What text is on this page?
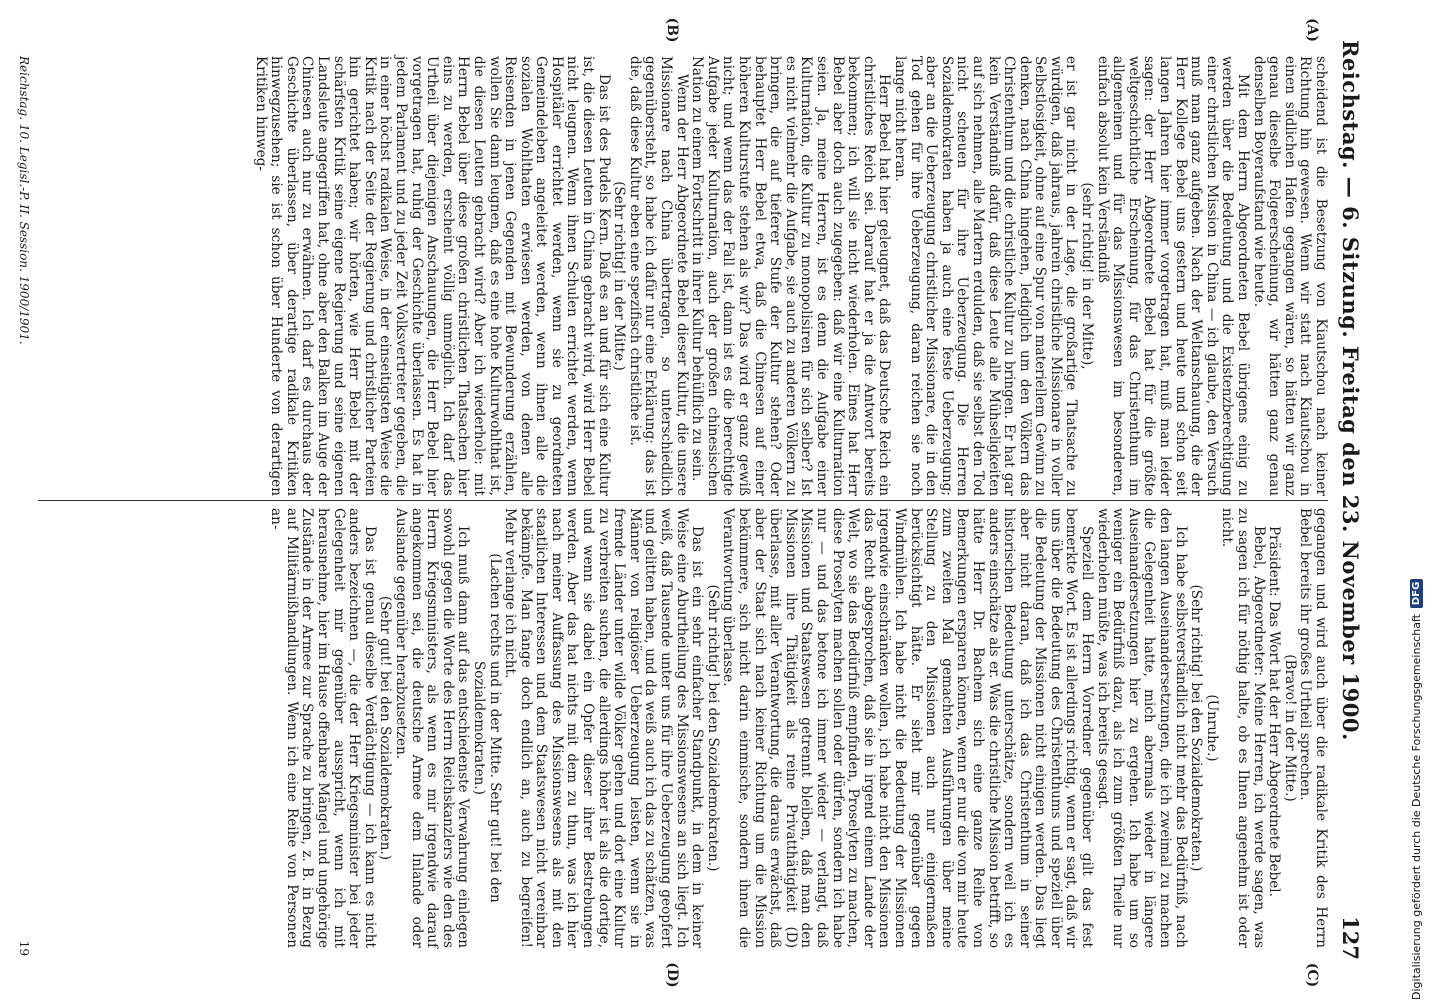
Reichstag. — 6. Sitzung. Freitag den 23. November 1900.
127
(A)
(B)
(C)
(D)

scheidend ist die Besetzung von Kiautschou nach keiner Richtung hin gewesen. Wenn wir statt nach Kiautschou in einen südlichen Hafen gegangen wären, so hätten wir ganz genau dieselbe Folgeerscheinung, wir hätten ganz genau denselben Boyeraufstand wie heute.

Mit dem Herrn Abgeordneten Bebel übrigens einig zu werden über die Bedeutung und die Existenzberechtigung einer christlichen Mission in China — ich glaube, den Versuch muß man ganz aufgeben. Nach der Weltanschauung, die der Herr Kollege Bebel uns gestern und heute und schon seit langen Jahren hier immer vorgetragen hat, muß man leider sagen: der Herr Abgeordnete Bebel hat für die größte weltgeschichtliche Erscheinung, für das Christenthum im allgemeinen und für das Missionswesen im besonderen, einfach absolut kein Verständniß

(sehr richtig! in der Mitte),

er ist gar nicht in der Lage, die großartige Thatsache zu würdigen, daß jahraus, jahrein christliche Missionare in voller Selbstlosigkeit, ohne auf eine Spur von materiellem Gewinn zu denken, nach China hingehen, lediglich um den Völkern das Christenthum und die christliche Kultur zu bringen. Er hat gar kein Verständniß dafür, daß diese Leute alle Mühseligkeiten auf sich nehmen, alle Martern erdulden, daß sie selbst den Tod nicht scheuen für ihre Ueberzeugung. Die Herren Sozialdemokraten haben ja auch eine feste Ueberzeugung; aber an die Ueberzeugung christlicher Missionare, die in den Tod gehen für ihre Ueberzeugung, daran reichen sie noch lange nicht heran.

Herr Bebel hat hier geleugnet, daß das Deutsche Reich ein christliches Reich sei. Darauf hat er ja die Antwort bereits bekommen; ich will sie nicht wiederholen. Eines hat Herr Bebel aber doch auch zugegeben: daß wir eine Kulturnation seien. Ja, meine Herren, ist es denn die Aufgabe einer Kulturnation, die Kultur zu monopolisiren für sich selber? Ist es nicht vielmehr die Aufgabe, sie auch zu anderen Völkern zu bringen, die auf tieferer Stufe der Kultur stehen? Oder behauptet Herr Bebel etwa, daß die Chinesen auf einer höheren Kulturstufe stehen als wir? Das wird er ganz gewiß nicht; und wenn das der Fall ist, dann ist es die berechtigte Aufgabe jeder Kulturnation, auch der großen chinesischen Nation zu einem Fortschritt in ihrer Kultur behülflich zu sein.

Wenn der Herr Abgeordnete Bebel dieser Kultur, die unsere Missionare nach China übertragen, so unterschiedlich gegenübersteht, so habe ich dafür nur eine Erklärung: das ist die, daß diese Kultur eben eine spezifisch christliche ist.

(Sehr richtig! in der Mitte.)

Das ist des Pudels Kern. Daß es an und für sich eine Kultur ist, die diesen Leuten in China gebracht wird, wird Herr Bebel nicht leugnen. Wenn ihnen Schulen errichtet werden, wenn Hospitäler errichtet werden, wenn sie zu geordneten Gemeindeleben angeleitet werden, wenn ihnen alle die sozialen Wohlthaten erwiesen werden, von denen alle Reisenden in jenen Gegenden mit Bewunderung erzählen, wollen Sie dann leugnen, daß es eine hohe Kulturwohlthat ist, die diesen Leuten gebracht wird? Aber ich wiederhole: mit Herrn Bebel über diese großen christlichen Thatsachen hier eins zu werden, erscheint völlig unmöglich. Ich darf das Urtheil über diejenigen Anschauungen, die Herr Bebel hier vorgetragen hat, ruhig der Geschichte überlassen. Es hat in jedem Parlament und zu jeder Zeit Volksvertreter gegeben, die in einer höchst radikalen Weise, in der einseitigsten Weise die Kritik nach der Seite der Regierung und christlicher Parteien hin gerichtet haben; wir hörten, wie Herr Bebel mit der schärfsten Kritik seine eigene Regierung und seine eigenen Landsleute angegriffen hat, ohne aber den Balken im Auge der Chinesen auch nur zu erwähnen. Ich darf es durchaus der Geschichte überlassen, über derartige radikale Kritiken hinwegzusehen; sie ist schon über Hunderte von derartigen Kritiken hinweg-

gegangen und wird auch über die radikale Kritik des Herrn Bebel bereits ihr großes Urtheil sprechen.

(Bravo! in der Mitte.)

Präsident: Das Wort hat der Herr Abgeordnete Bebel.

Bebel, Abgeordneter: Meine Herren, ich werde sagen, was zu sagen ich für nöthig halte, ob es Ihnen angenehm ist oder nicht.

(Unruhe.)

(Sehr richtig! bei den Sozialdemokraten.)

Ich habe selbstverständlich nicht mehr das Bedürfniß, nach den langen Auseinandersetzungen, die ich zweimal zu machen die Gelegenheit hatte, mich abermals wieder in längere Auseinandersetzungen hier zu ergehen. Ich habe um so weniger ein Bedürfniß dazu, als ich zum größten Theile nur wiederholen müßte, was ich bereits gesagt.

Speziell dem Herrn Vorredner gegenüber gilt das fest bemerkte Wort. Es ist allerdings richtig, wenn er sagt, daß wir uns über die Bedeutung des Christenthums und speziell über die Bedeutung der Missionen nicht einigen werden. Das liegt aber nicht daran, daß ich das Christenthum in seiner historischen Bedeutung unterschätze, sondern weil ich es anders einschätze als er. Was die christliche Mission betrifft, so hätte Herr Dr. Bachem sich eine ganze Reihe von Bemerkungen ersparen können, wenn er nur die von mir heute zum zweiten Mal gemachten Ausführungen über meine Stellung zu den Missionen auch nur einigermaßen berücksichtigt hätte. Er sieht mir gegenüber gegen Windmühlen. Ich habe nicht die Bedeutung der Missionen irgendwie einschränken wollen, ich habe nicht den Missionen das Recht abgesprochen, daß sie in irgend einem Lande der Welt, wo sie das Bedürfniß empfinden, Proselyten zu machen, diese Proselyten machen sollen oder dürfen, sondern ich habe nur — und das betone ich immer wieder — verlangt, daß Missionen und Staatswesen getrennt bleiben, daß man den Missionen ihre Thätigkeit als reine Privatthätigkeit (D) überlasse, mit aller Verantwortung, die daraus erwächst, daß aber der Staat sich nach keiner Richtung um die Mission bekümmere, sich nicht darin einmische, sondern ihnen die Verantwortung überlasse.

(Sehr richtig! bei den Sozialdemokraten.)

Das ist ein sehr einfacher Standpunkt, in dem in keiner Weise eine Aburtheilung des Missionswesens an sich liegt. Ich weiß, daß Tausende unter uns für ihre Ueberzeugung geopfert und gelitten haben, und da weiß auch ich das zu schätzen, was Männer von religiöser Ueberzeugung leisten, wenn sie in fremde Länder unter wilde Völker gehen und dort eine Kultur zu verbreiten suchen, die allerdings höher ist als die dortige, und wenn sie dabei ein Opfer dieser ihrer Bestrebungen werden. Aber das hat nichts mit dem zu thun, was ich hier nach meiner Auffassung des Missionswesens als mit den staatlichen Interessen und dem Staatswesen nicht vereinbar bekämpfe. Man fange doch endlich an, auch zu begreifen! Mehr verlange ich nicht.

(Lachen rechts und in der Mitte. Sehr gut! bei den Sozialdemokraten.)

Ich muß dann auf das entschiedenste Verwahrung einlegen sowohl gegen die Worte des Herrn Reichskanzlers wie den des Herrn Kriegsministers, als wenn es mir irgendwie darauf angekommen sei, die deutsche Armee dem Inlande oder Auslande gegenüber herabzusetzen.

(Sehr gut! bei den Sozialdemokraten.)

Das ist genau dieselbe Verdächtigung — ich kann es nicht anders bezeichnen —, die der Herr Kriegsminister bei jeder Gelegenheit mir gegenüber ausspricht, wenn ich mit herausnehme, hier im Hause offenbare Mängel und ungehörige Zustände in der Armee zur Sprache zu bringen, z. B. in Bezug auf Militärmißhandlungen. Wenn ich eine Reihe von Personen an-

Reichstag. 10. Legisl.-P. II. Session. 1900/1901.
19	Digitalisierung gefördert durch die Deutsche Forschungsgemeinschaft
DFG
